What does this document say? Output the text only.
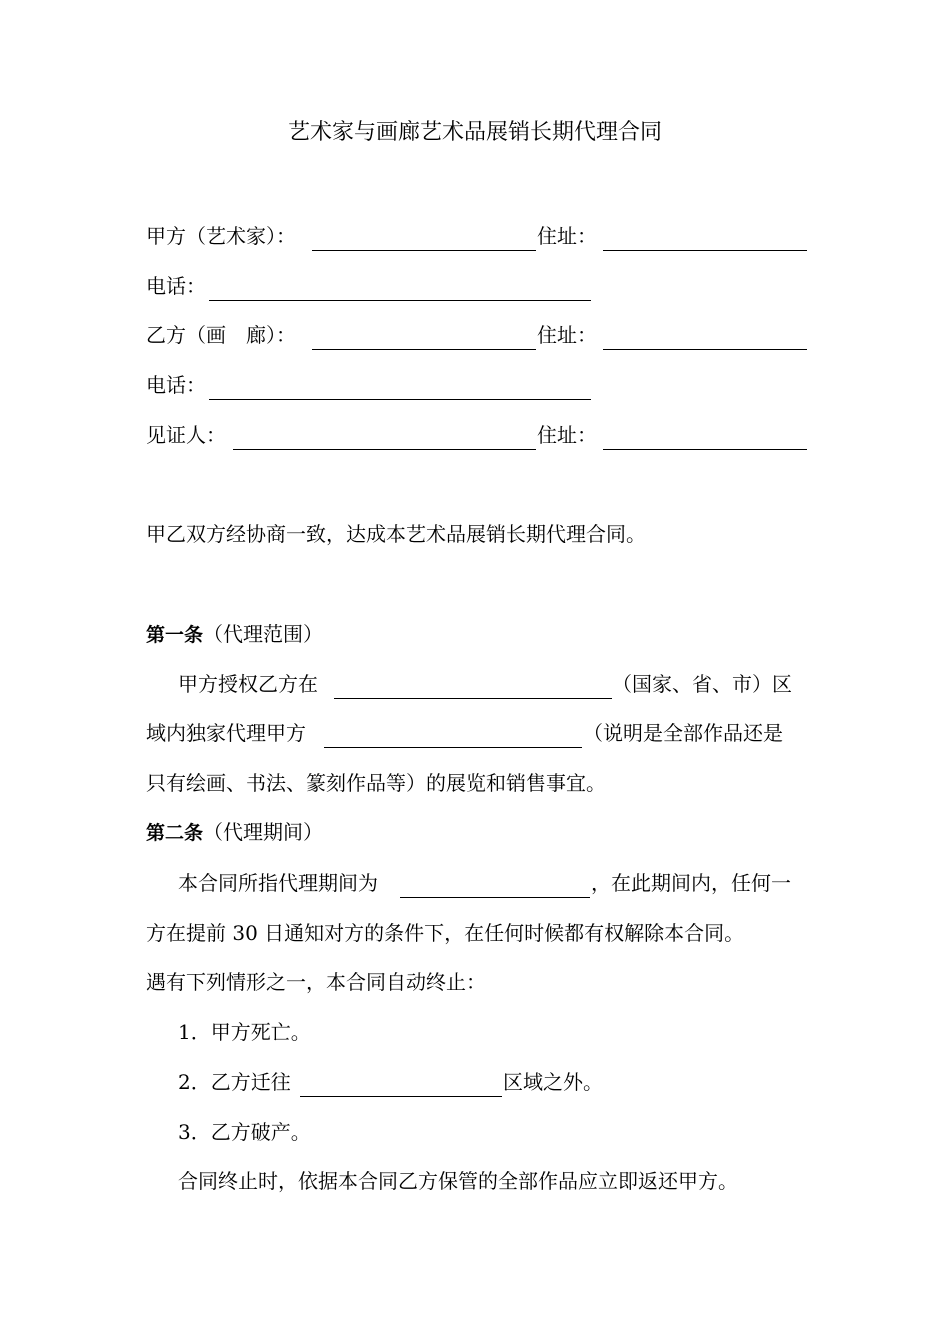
艺术家与画廊艺术品展销长期代理合同
甲方（艺术家）：	住址：
电话：
乙方（画　廊）：	住址：
电话：
见证人：	住址：
甲乙双方经协商一致，达成本艺术品展销长期代理合同。
第一条（代理范围）
甲方授权乙方在	（国家、省、市）区
域内独家代理甲方	（说明是全部作品还是
只有绘画、书法、篆刻作品等）的展览和销售事宜。
第二条（代理期间）
本合同所指代理期间为	，在此期间内，任何一
方在提前 30 日通知对方的条件下，在任何时候都有权解除本合同。
遇有下列情形之一，本合同自动终止：
1．甲方死亡。
2．乙方迁往	区域之外。
3．乙方破产。
合同终止时，依据本合同乙方保管的全部作品应立即返还甲方。
